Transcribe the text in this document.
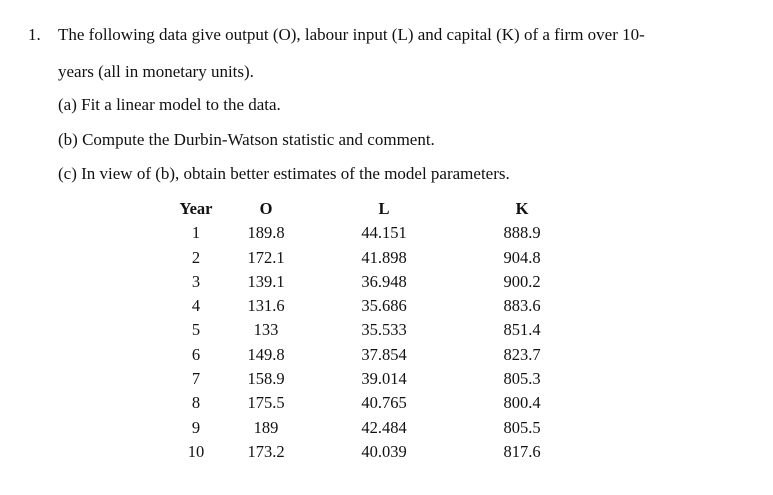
1. The following data give output (O), labour input (L) and capital (K) of a firm over 10-
years (all in monetary units).
(a) Fit a linear model to the data.
(b) Compute the Durbin-Watson statistic and comment.
(c) In view of (b), obtain better estimates of the model parameters.
Year	O	L	K
1	189.8	44.151	888.9
2	172.1	41.898	904.8
3	139.1	36.948	900.2
4	131.6	35.686	883.6
5	133	35.533	851.4
6	149.8	37.854	823.7
7	158.9	39.014	805.3
8	175.5	40.765	800.4
9	189	42.484	805.5
10	173.2	40.039	817.6
